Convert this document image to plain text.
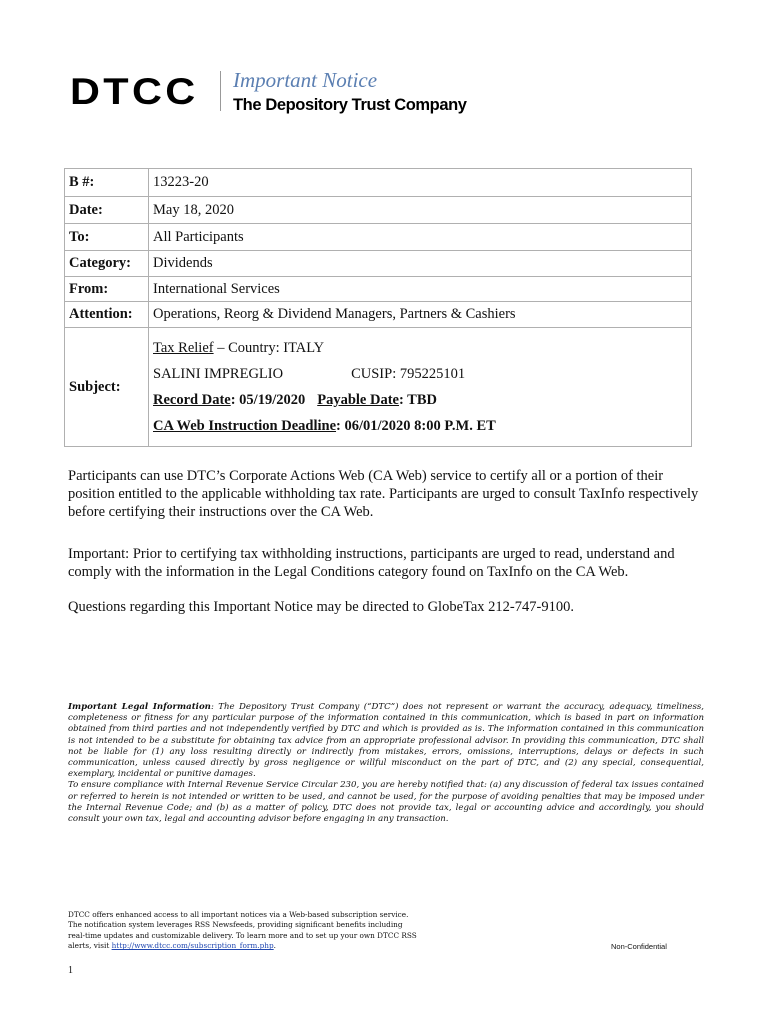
DTCC Important Notice
The Depository Trust Company
B #:	13223-20
Date:	May 18, 2020
To:	All Participants
Category:	Dividends
From:	International Services
Attention:	Operations, Reorg & Dividend Managers, Partners & Cashiers
Subject:	Tax Relief – Country: ITALY

SALINI IMPREGLIO CUSIP: 795225101

Record Date: 05/19/2020 Payable Date: TBD

CA Web Instruction Deadline: 06/01/2020 8:00 P.M. ET

Participants can use DTC’s Corporate Actions Web (CA Web) service to certify all or a portion of their position entitled to the applicable withholding tax rate. Participants are urged to consult TaxInfo respectively before certifying their instructions over the CA Web.

Important: Prior to certifying tax withholding instructions, participants are urged to read, understand and comply with the information in the Legal Conditions category found on TaxInfo on the CA Web.

Questions regarding this Important Notice may be directed to GlobeTax 212-747-9100.

Important Legal Information: The Depository Trust Company (“DTC”) does not represent or warrant the accuracy, adequacy, timeliness, completeness or fitness for any particular purpose of the information contained in this communication, which is based in part on information obtained from third parties and not independently verified by DTC and which is provided as is. The information contained in this communication is not intended to be a substitute for obtaining tax advice from an appropriate professional advisor. In providing this communication, DTC shall not be liable for (1) any loss resulting directly or indirectly from mistakes, errors, omissions, interruptions, delays or defects in such communication, unless caused directly by gross negligence or willful misconduct on the part of DTC, and (2) any special, consequential, exemplary, incidental or punitive damages.
To ensure compliance with Internal Revenue Service Circular 230, you are hereby notified that: (a) any discussion of federal tax issues contained or referred to herein is not intended or written to be used, and cannot be used, for the purpose of avoiding penalties that may be imposed under the Internal Revenue Code; and (b) as a matter of policy, DTC does not provide tax, legal or accounting advice and accordingly, you should consult your own tax, legal and accounting advisor before engaging in any transaction.
DTCC offers enhanced access to all important notices via a Web-based subscription service.
The notification system leverages RSS Newsfeeds, providing significant benefits including
real-time updates and customizable delivery. To learn more and to set up your own DTCC RSS
alerts, visit http://www.dtcc.com/subscription_form.php.	Non-Confidential
1
